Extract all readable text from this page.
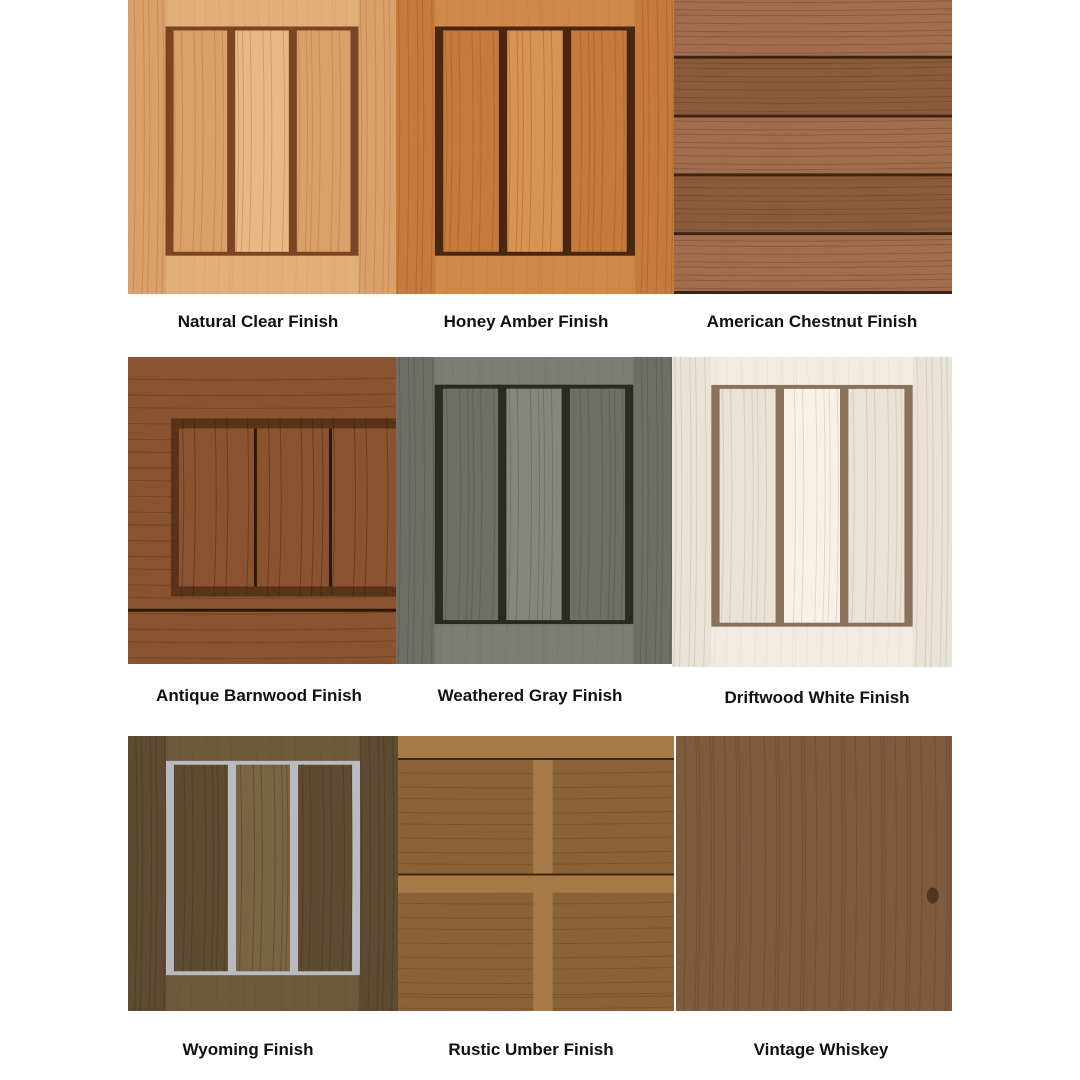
Natural Clear Finish	Honey Amber Finish	American Chestnut Finish
Antique Barnwood Finish	Weathered Gray Finish	Driftwood White Finish
Wyoming Finish	Rustic Umber Finish	Vintage Whiskey
